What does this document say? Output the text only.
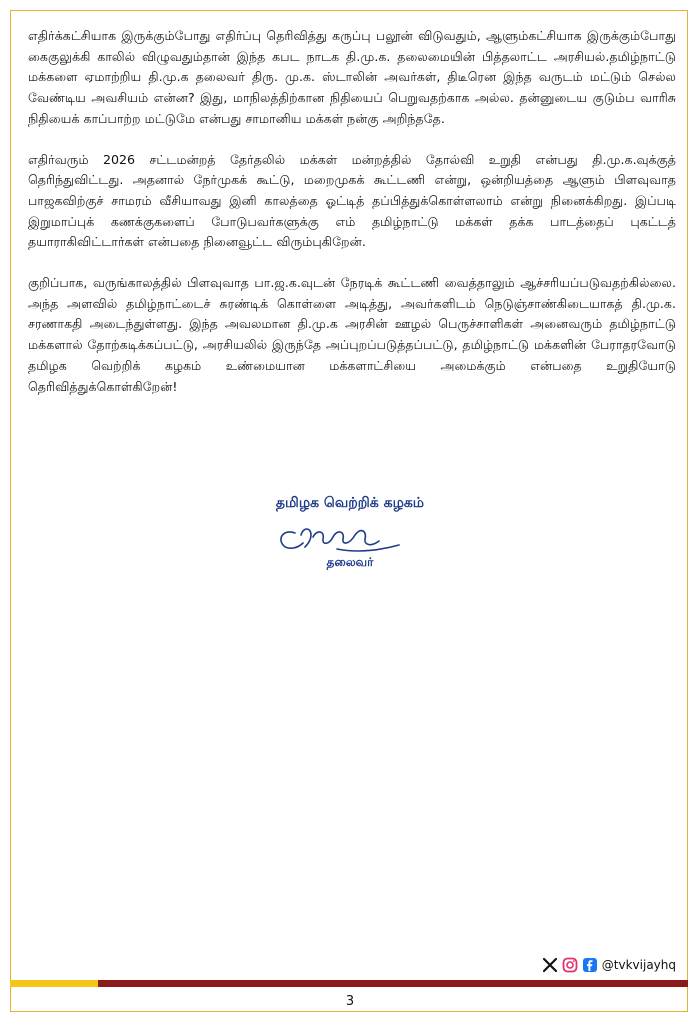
எதிர்க்கட்சியாக இருக்கும்போது எதிர்ப்பு தெரிவித்து கருப்பு பலூன் விடுவதும், ஆளும்கட்சியாக இருக்கும்போது கைகுலுக்கி காலில் விழுவதும்தான் இந்த கபட நாடக தி.மு.க. தலைமையின் பித்தலாட்ட அரசியல்.தமிழ்நாட்டு மக்களை ஏமாற்றிய தி.மு.க தலைவர் திரு. மு.க. ஸ்டாலின் அவர்கள், திடீரென இந்த வருடம் மட்டும் செல்ல வேண்டிய அவசியம் என்ன? இது, மாநிலத்திற்கான நிதியைப் பெறுவதற்காக அல்ல. தன்னுடைய குடும்ப வாரிசு நிதியைக் காப்பாற்ற மட்டுமே என்பது சாமானிய மக்கள் நன்கு அறிந்ததே.

எதிர்வரும் 2026 சட்டமன்றத் தேர்தலில் மக்கள் மன்றத்தில் தோல்வி உறுதி என்பது தி.மு.க.வுக்குத் தெரிந்துவிட்டது. அதனால் நேர்முகக் கூட்டு, மறைமுகக் கூட்டணி என்று, ஒன்றியத்தை ஆளும் பிளவுவாத பாஜகவிற்குச் சாமரம் வீசியாவது இனி காலத்தை ஓட்டித் தப்பித்துக்கொள்ளலாம் என்று நினைக்கிறது. இப்படி இறுமாப்புக் கணக்குகளைப் போடுபவர்களுக்கு எம் தமிழ்நாட்டு மக்கள் தக்க பாடத்தைப் புகட்டத் தயாராகிவிட்டார்கள் என்பதை நினைவூட்ட விரும்புகிறேன்.

குறிப்பாக, வருங்காலத்தில் பிளவுவாத பா.ஜ.க.வுடன் நேரடிக் கூட்டணி வைத்தாலும் ஆச்சரியப்படுவதற்கில்லை. அந்த அளவில் தமிழ்நாட்டைச் சுரண்டிக் கொள்ளை அடித்து, அவர்களிடம் நெடுஞ்சாண்கிடையாகத் தி.மு.க. சரணாகதி அடைந்துள்ளது. இந்த அவலமான தி.மு.க அரசின் ஊழல் பெருச்சாளிகள் அனைவரும் தமிழ்நாட்டு மக்களால் தோற்கடிக்கப்பட்டு, அரசியலில் இருந்தே அப்புறப்படுத்தப்பட்டு, தமிழ்நாட்டு மக்களின் பேராதரவோடு தமிழக வெற்றிக் கழகம் உண்மையான மக்களாட்சியை அமைக்கும் என்பதை உறுதியோடு தெரிவித்துக்கொள்கிறேன்!

தமிழக வெற்றிக் கழகம்
தலைவர்
@tvkvijayhq
3
